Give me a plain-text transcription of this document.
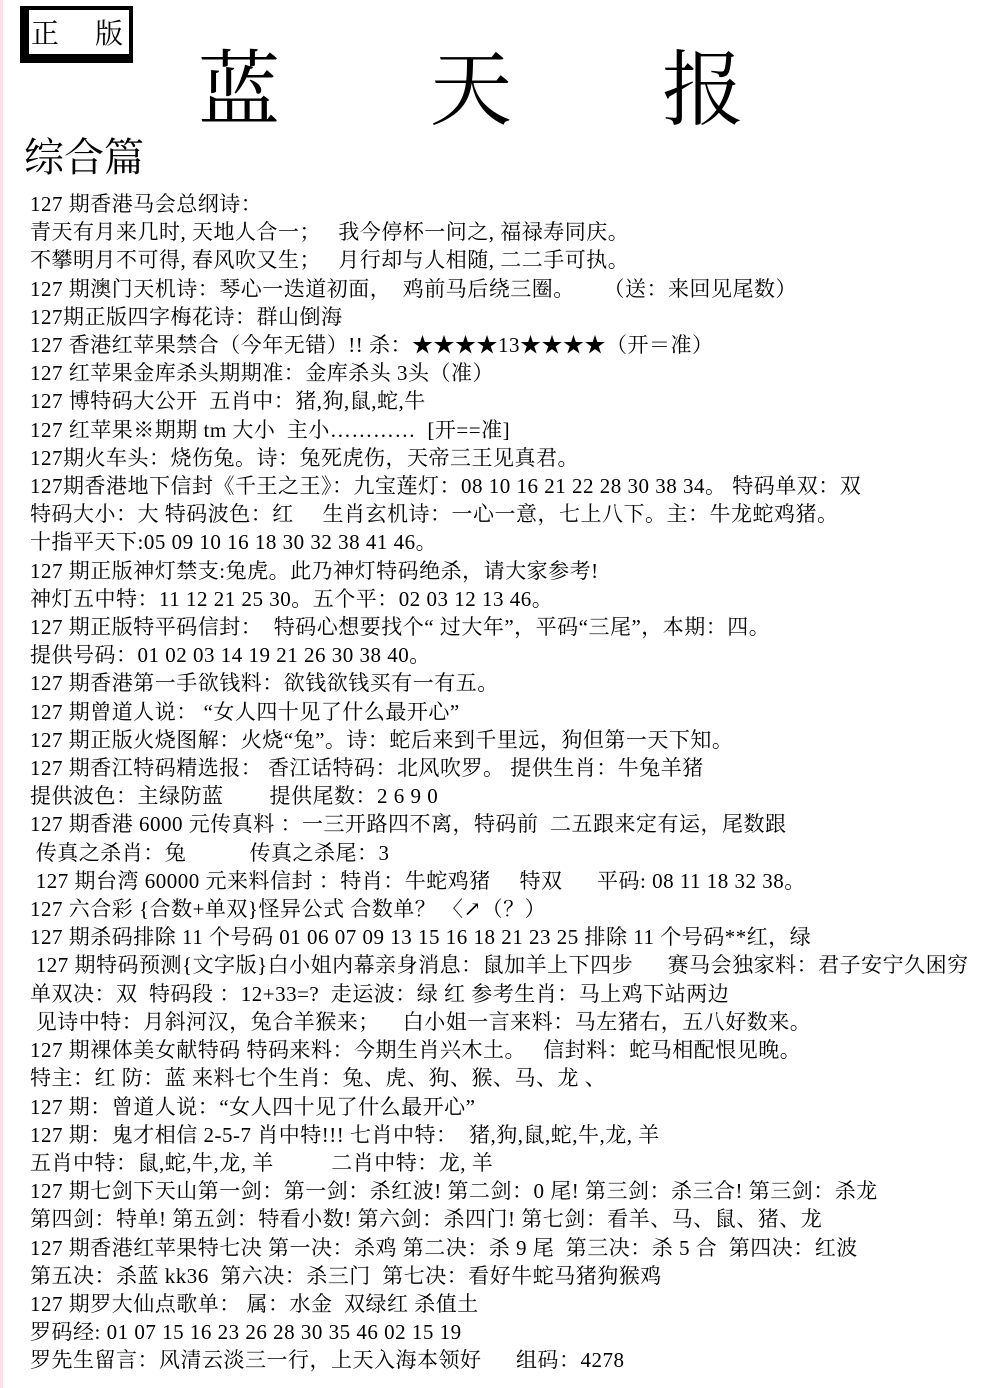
正　版
蓝天报
综合篇
127 期香港马会总纲诗：
青天有月来几时, 天地人合一；   我今停杯一问之, 福禄寿同庆。
不攀明月不可得, 春风吹又生；   月行却与人相随, 二二手可执。
127 期澳门天机诗：琴心一迭道初面，  鸡前马后绕三圈。     （送：来回见尾数）
127期正版四字梅花诗：群山倒海
127 香港红苹果禁合（今年无错）!! 杀：★★★★13★★★★（开＝准）
127 红苹果金库杀头期期准：金库杀头 3头（准）
127 博特码大公开  五肖中：猪,狗,鼠,蛇,牛
127 红苹果※期期 tm 大小  主小…………  [开==准]
127期火车头：烧伤兔。诗：兔死虎伤，天帝三王见真君。
127期香港地下信封《千王之王》：九宝莲灯：08 10 16 21 22 28 30 38 34。 特码单双：双
特码大小：大 特码波色：红     生肖玄机诗：一心一意，七上八下。主：牛龙蛇鸡猪。
十指平天下:05 09 10 16 18 30 32 38 41 46。
127 期正版神灯禁支:兔虎。此乃神灯特码绝杀，请大家参考!
神灯五中特：11 12 21 25 30。五个平：02 03 12 13 46。
127 期正版特平码信封：  特码心想要找个“ 过大年”，平码“三尾”，本期：四。
提供号码：01 02 03 14 19 21 26 30 38 40。
127 期香港第一手欲钱料：欲钱欲钱买有一有五。
127 期曾道人说： “女人四十见了什么最开心”
127 期正版火烧图解：火烧“兔”。诗：蛇后来到千里远，狗但第一天下知。
127 期香江特码精选报： 香江话特码：北风吹罗。 提供生肖：牛兔羊猪
提供波色：主绿防蓝        提供尾数：2 6 9 0
127 期香港 6000 元传真料 ：一三开路四不离，特码前  二五跟来定有运，尾数跟
传真之杀肖：兔           传真之杀尾：3
127 期台湾 60000 元来料信封 ：特肖：牛蛇鸡猪     特双      平码: 08 11 18 32 38。
127 六合彩 {合数+单双}怪异公式 合数单？ 〈↗（？）
127 期杀码排除 11 个号码 01 06 07 09 13 15 16 18 21 23 25 排除 11 个号码**红，绿
127 期特码预测{文字版}白小姐内幕亲身消息：鼠加羊上下四步      赛马会独家料：君子安宁久困穷
单双决：双  特码段 ：12+33=?  走运波：绿 红 参考生肖：马上鸡下站两边
见诗中特：月斜河汉，兔合羊猴来；    白小姐一言来料：马左猪右，五八好数来。
127 期裸体美女献特码 特码来料：今期生肖兴木土。   信封料：蛇马相配恨见晚。
特主：红 防：蓝 来料七个生肖：兔、虎、狗、猴、马、龙 、
127 期：曾道人说：“女人四十见了什么最开心”
127 期：鬼才相信 2-5-7 肖中特!!! 七肖中特：  猪,狗,鼠,蛇,牛,龙, 羊
五肖中特：鼠,蛇,牛,龙, 羊          二肖中特：龙, 羊
127 期七剑下天山第一剑：第一剑：杀红波! 第二剑：0 尾! 第三剑：杀三合! 第三剑：杀龙
第四剑：特单! 第五剑：特看小数! 第六剑：杀四门! 第七剑：看羊、马、鼠、猪、龙
127 期香港红苹果特七决 第一决：杀鸡 第二决：杀 9 尾  第三决：杀 5 合  第四决：红波
第五决：杀蓝 kk36  第六决：杀三门  第七决：看好牛蛇马猪狗猴鸡
127 期罗大仙点歌单： 属：水金  双绿红 杀值土
罗码经: 01 07 15 16 23 26 28 30 35 46 02 15 19
罗先生留言：风清云淡三一行，上天入海本领好      组码：4278
